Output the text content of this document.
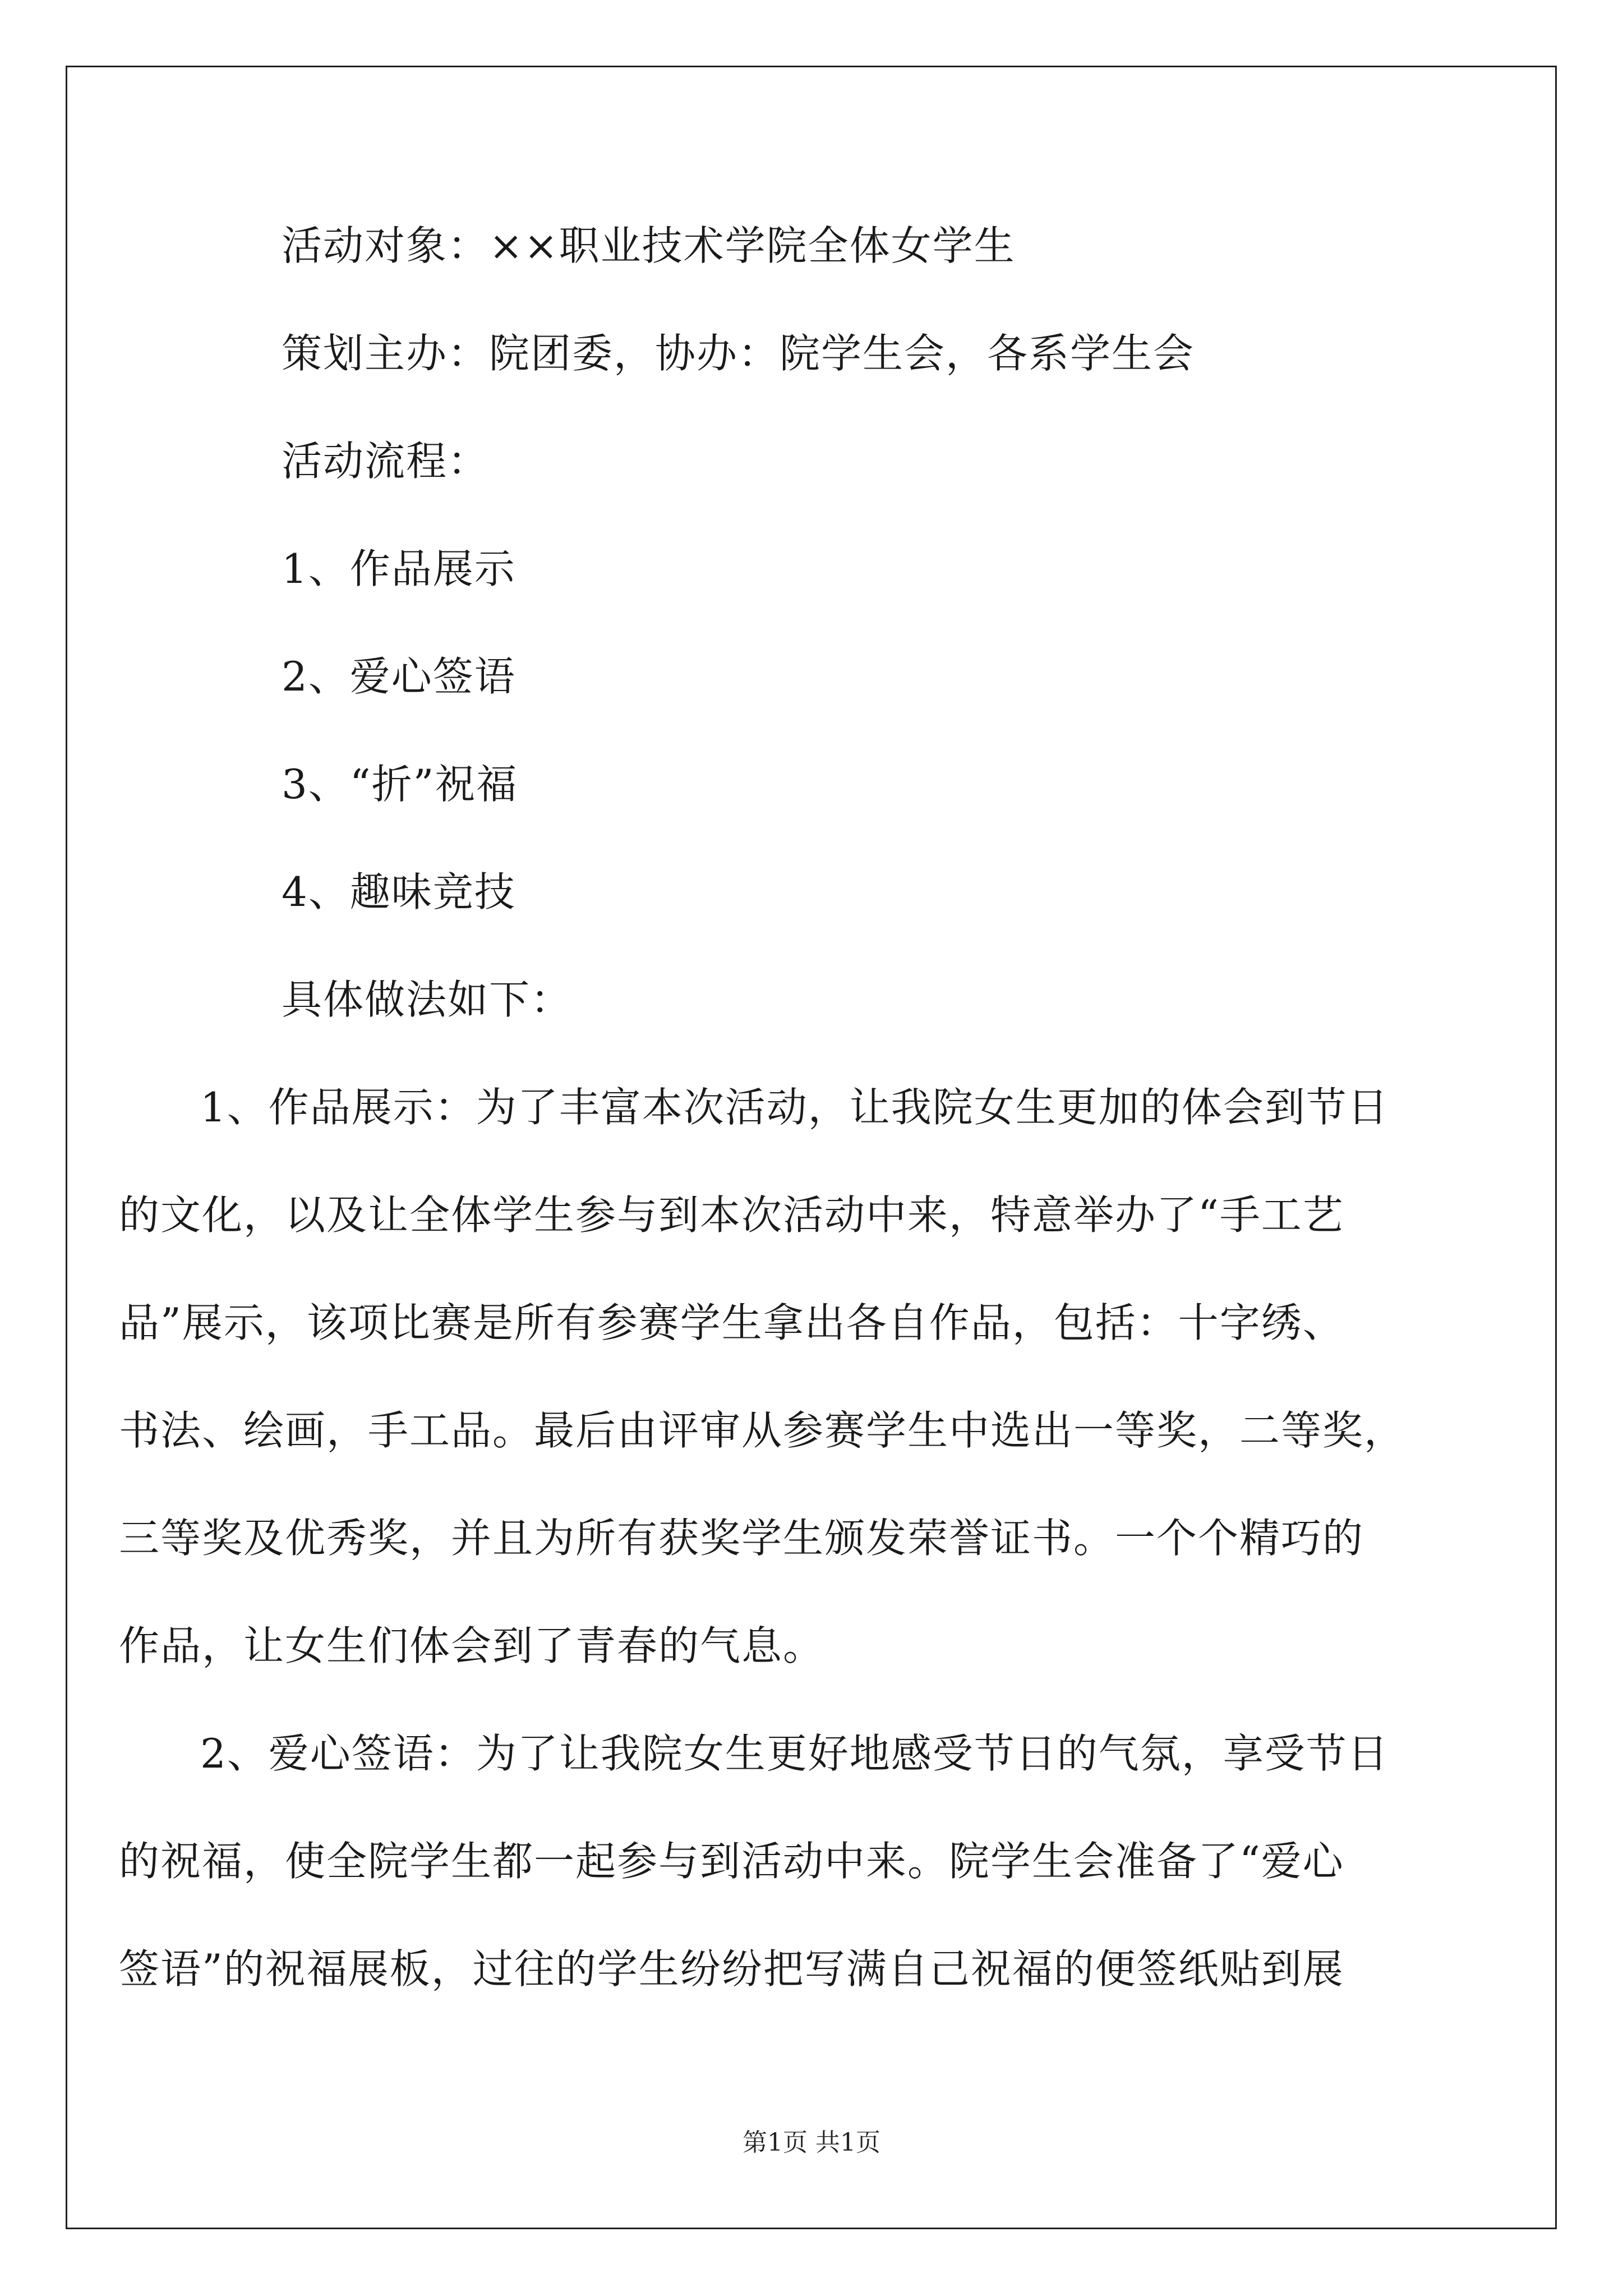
活动对象：××职业技术学院全体女学生

策划主办：院团委，协办：院学生会，各系学生会

活动流程：

1、作品展示

2、爱心签语

3、“折”祝福

4、趣味竞技

具体做法如下：

1、作品展示：为了丰富本次活动，让我院女生更加的体会到节日
的文化，以及让全体学生参与到本次活动中来，特意举办了“手工艺
品”展示，该项比赛是所有参赛学生拿出各自作品，包括：十字绣、
书法、绘画，手工品。最后由评审从参赛学生中选出一等奖，二等奖，
三等奖及优秀奖，并且为所有获奖学生颁发荣誉证书。一个个精巧的
作品，让女生们体会到了青春的气息。
2、爱心签语：为了让我院女生更好地感受节日的气氛，享受节日
的祝福，使全院学生都一起参与到活动中来。院学生会准备了“爱心
签语”的祝福展板，过往的学生纷纷把写满自己祝福的便签纸贴到展
第1页 共1页
